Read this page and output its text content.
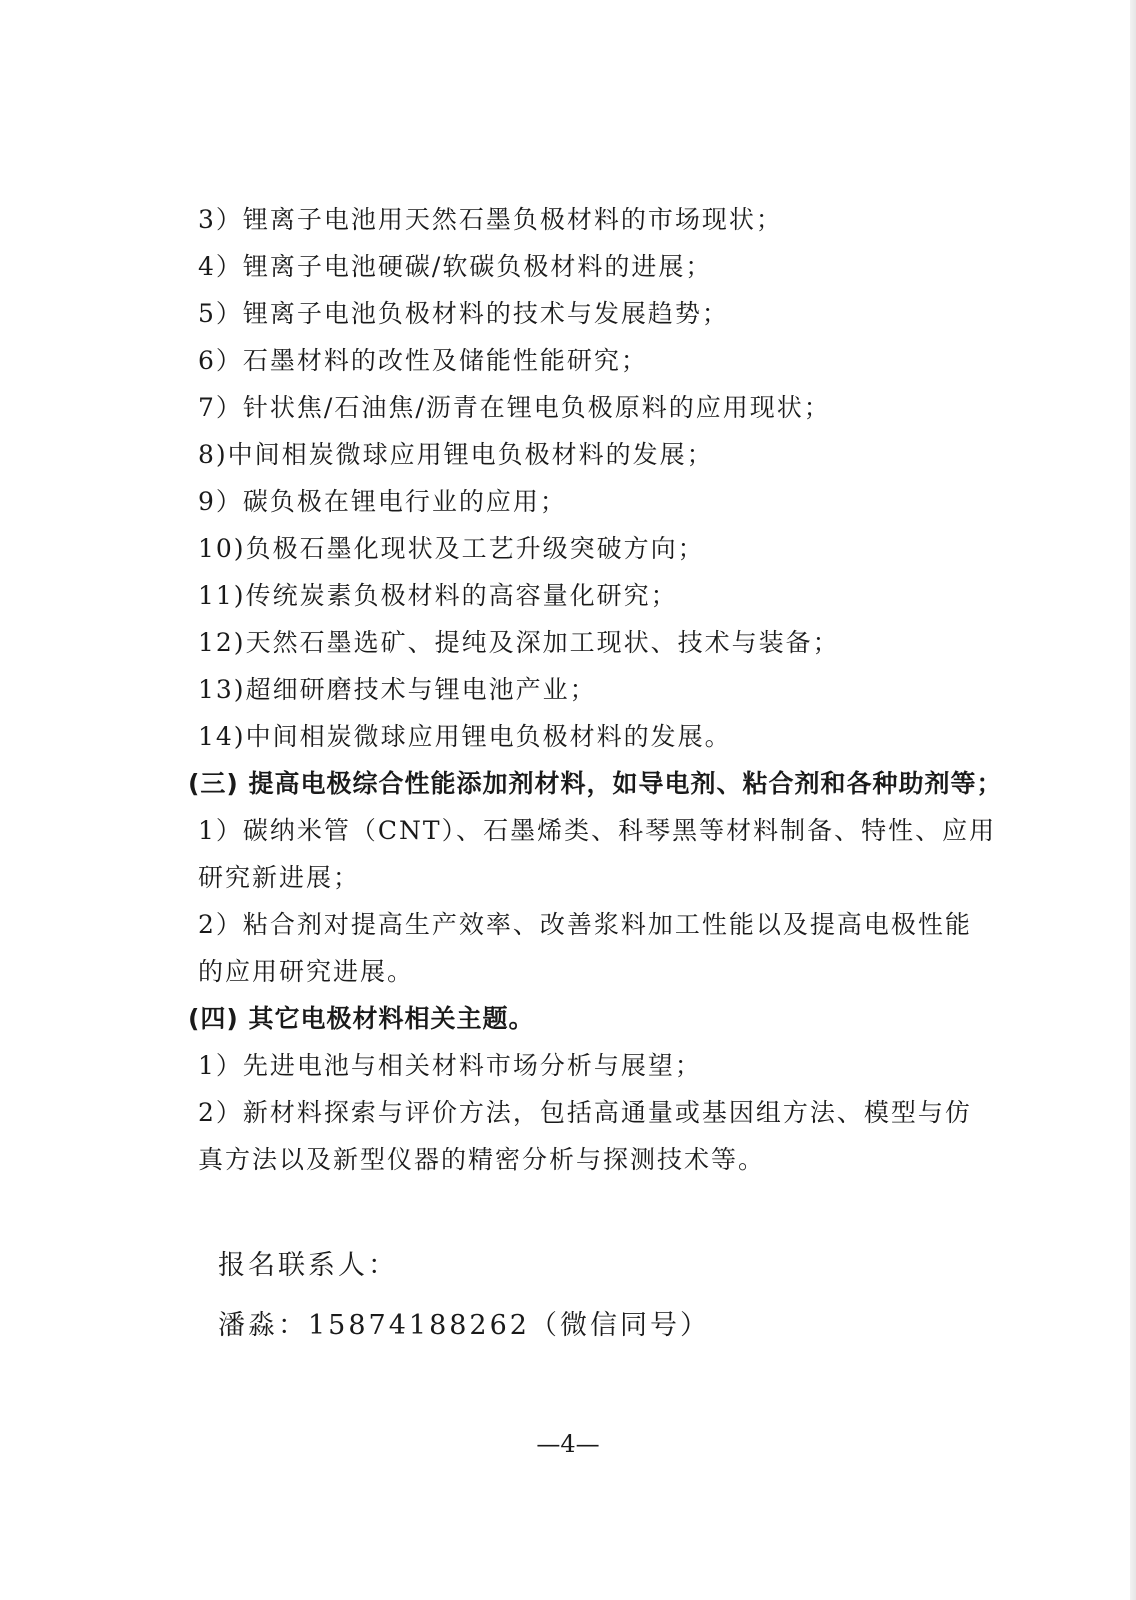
3）锂离子电池用天然石墨负极材料的市场现状；
4）锂离子电池硬碳/软碳负极材料的进展；
5）锂离子电池负极材料的技术与发展趋势；
6）石墨材料的改性及储能性能研究；
7）针状焦/石油焦/沥青在锂电负极原料的应用现状；
8)中间相炭微球应用锂电负极材料的发展；
9）碳负极在锂电行业的应用；
10)负极石墨化现状及工艺升级突破方向；
11)传统炭素负极材料的高容量化研究；
12)天然石墨选矿、提纯及深加工现状、技术与装备；
13)超细研磨技术与锂电池产业；
14)中间相炭微球应用锂电负极材料的发展。
(三) 提高电极综合性能添加剂材料，如导电剂、粘合剂和各种助剂等；
1）碳纳米管（CNT）、石墨烯类、科琴黑等材料制备、特性、应用
研究新进展；
2）粘合剂对提高生产效率、改善浆料加工性能以及提高电极性能
的应用研究进展。
(四) 其它电极材料相关主题。
1）先进电池与相关材料市场分析与展望；
2）新材料探索与评价方法，包括高通量或基因组方法、模型与仿
真方法以及新型仪器的精密分析与探测技术等。
报名联系人：
潘淼：15874188262（微信同号）
—4—
